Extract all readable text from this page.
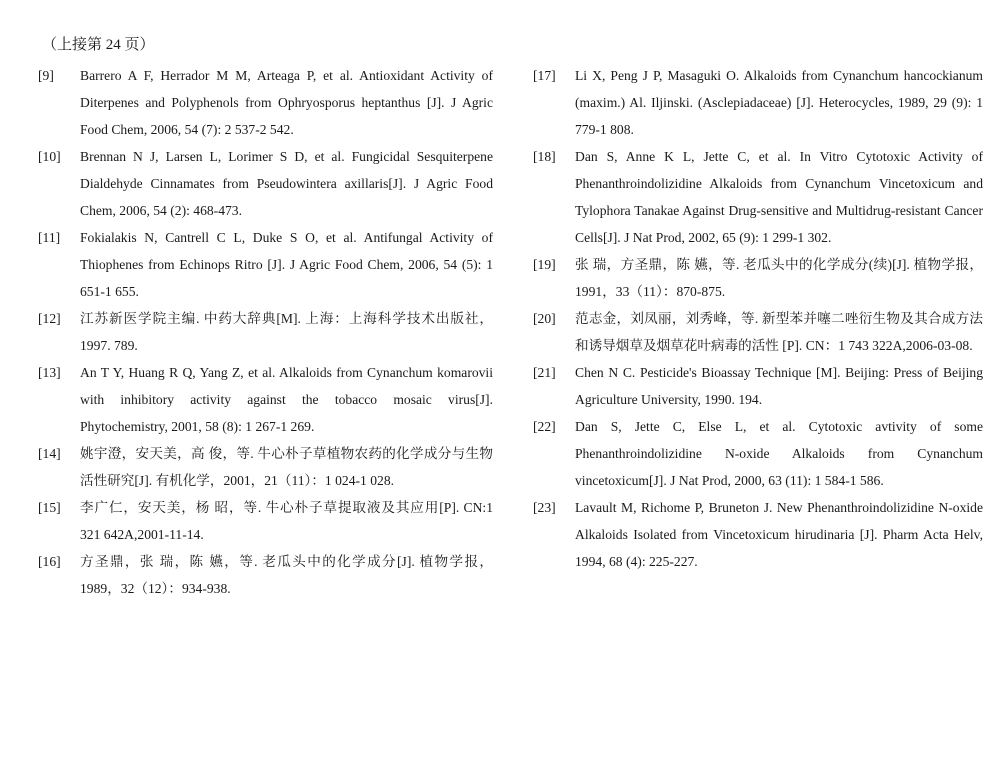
（上接第 24 页）

[9] Barrero A F, Herrador M M, Arteaga P, et al. Antioxidant Activity of Diterpenes and Polyphenols from Ophryosporus heptanthus [J]. J Agric Food Chem, 2006, 54 (7): 2 537-2 542.

[10] Brennan N J, Larsen L, Lorimer S D, et al. Fungicidal Sesquiterpene Dialdehyde Cinnamates from Pseudowintera axillaris[J]. J Agric Food Chem, 2006, 54 (2): 468-473.

[11] Fokialakis N, Cantrell C L, Duke S O, et al. Antifungal Activity of Thiophenes from Echinops Ritro [J]. J Agric Food Chem, 2006, 54 (5): 1 651-1 655.

[12] 江苏新医学院主编. 中药大辞典[M]. 上海：上海科学技术出版社，1997. 789.

[13] An T Y, Huang R Q, Yang Z, et al. Alkaloids from Cynanchum komarovii with inhibitory activity against the tobacco mosaic virus[J]. Phytochemistry, 2001, 58 (8): 1 267-1 269.

[14] 姚宇澄，安天美，高 俊，等. 牛心朴子草植物农药的化学成分与生物活性研究[J]. 有机化学，2001，21（11）：1 024-1 028.

[15] 李广仁，安天美，杨 昭，等. 牛心朴子草提取液及其应用[P]. CN:1 321 642A,2001-11-14.

[16] 方圣鼎，张 瑞，陈 嬿，等. 老瓜头中的化学成分[J]. 植物学报，1989，32（12）：934-938.

[17] Li X, Peng J P, Masaguki O. Alkaloids from Cynanchum hancockianum (maxim.) Al. Iljinski. (Asclepiadaceae) [J]. Heterocycles, 1989, 29 (9): 1 779-1 808.

[18] Dan S, Anne K L, Jette C, et al. In Vitro Cytotoxic Activity of Phenanthroindolizidine Alkaloids from Cynanchum Vincetoxicum and Tylophora Tanakae Against Drug-sensitive and Multidrug-resistant Cancer Cells[J]. J Nat Prod, 2002, 65 (9): 1 299-1 302.

[19] 张 瑞，方圣鼎，陈 嬿，等. 老瓜头中的化学成分(续)[J]. 植物学报，1991，33（11）：870-875.

[20] 范志金，刘凤丽，刘秀峰，等. 新型苯并噻二唑衍生物及其合成方法和诱导烟草及烟草花叶病毒的活性 [P]. CN：1 743 322A,2006-03-08.

[21] Chen N C. Pesticide's Bioassay Technique [M]. Beijing: Press of Beijing Agriculture University, 1990. 194.

[22] Dan S, Jette C, Else L, et al. Cytotoxic avtivity of some Phenanthroindolizidine N-oxide Alkaloids from Cynanchum vincetoxicum[J]. J Nat Prod, 2000, 63 (11): 1 584-1 586.

[23] Lavault M, Richome P, Bruneton J. New Phenanthroindolizidine N-oxide Alkaloids Isolated from Vincetoxicum hirudinaria [J]. Pharm Acta Helv, 1994, 68 (4): 225-227.
